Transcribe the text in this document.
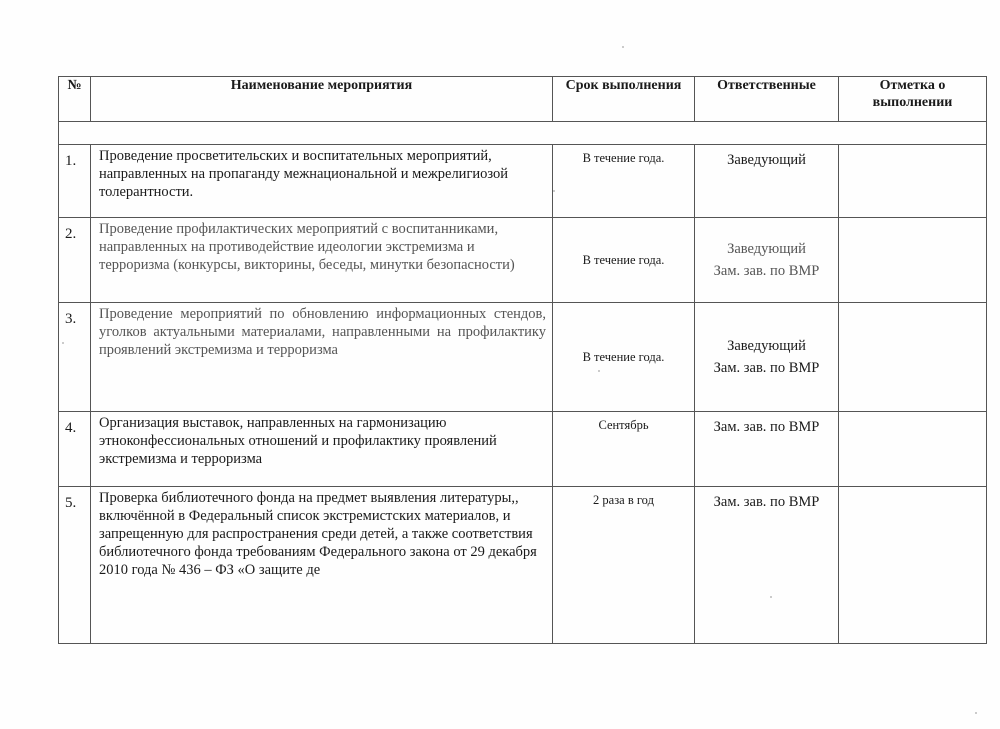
№	Наименование мероприятия	Срок выполнения	Ответственные	Отметка о выполнении

1.	Проведение просветительских и воспитательных мероприятий, направленных на пропаганду межнациональной и межрелигиозой толерантности.	В течение года.	Заведующий	

2.	Проведение профилактических мероприятий с воспитанниками, направленных на противодействие идеологии экстремизма и терроризма (конкурсы, викторины, беседы, минутки безопасности)	В течение года.	Заведующий
Зам. зав. по ВМР	

3.	Проведение мероприятий по обновлению информационных стендов, уголков актуальными материалами, направленными на профилактику проявлений экстремизма и терроризма	В течение года.	Заведующий
Зам. зав. по ВМР	

4.	Организация выставок, направленных на гармонизацию этноконфессиональных отношений и профилактику проявлений экстремизма и терроризма	Сентябрь	Зам. зав. по ВМР	

5.	Проверка библиотечного фонда на предмет выявления литературы,, включённой в Федеральный список экстремистских материалов, и запрещенную для распространения среди детей, а также соответствия библиотечного фонда требованиям Федерального закона от 29 декабря 2010 года № 436 – ФЗ «О защите де	2 раза в год	Зам. зав. по ВМР	
